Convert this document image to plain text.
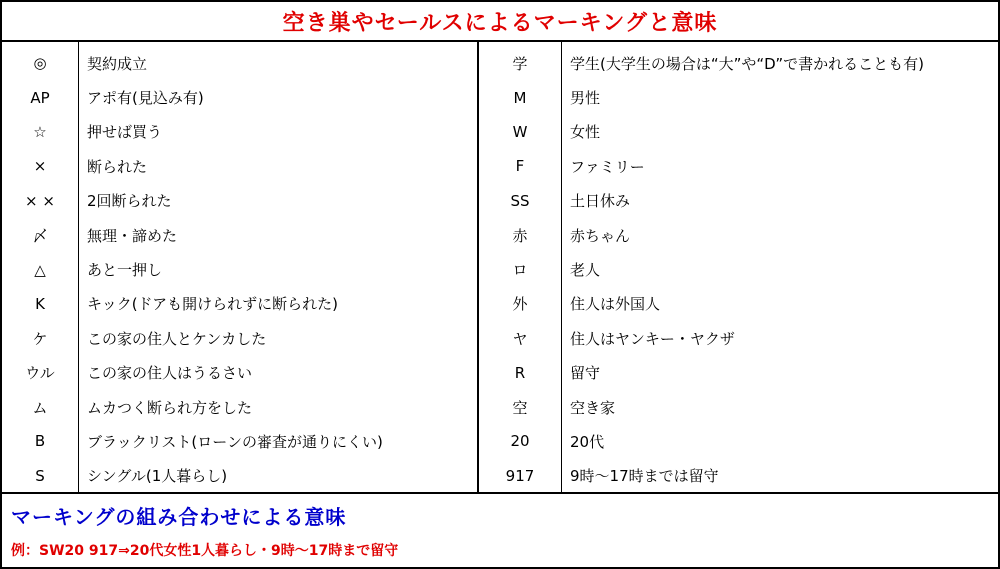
空き巣やセールスによるマーキングと意味
◎	契約成立	学	学生(大学生の場合は“大”や“D”で書かれることも有)
AP	アポ有(見込み有)	M	男性
☆	押せば買う	W	女性
×	断られた	F	ファミリー
× ×	2回断られた	SS	土日休み
〆	無理・諦めた	赤	赤ちゃん
△	あと一押し	ロ	老人
K	キック(ドアも開けられずに断られた)	外	住人は外国人
ケ	この家の住人とケンカした	ヤ	住人はヤンキー・ヤクザ
ウル	この家の住人はうるさい	R	留守
ム	ムカつく断られ方をした	空	空き家
B	ブラックリスト(ローンの審査が通りにくい)	20	20代
S	シングル(1人暮らし)	917	9時～17時までは留守
マーキングの組み合わせによる意味
例：SW20 917⇒20代女性1人暮らし・9時～17時まで留守
